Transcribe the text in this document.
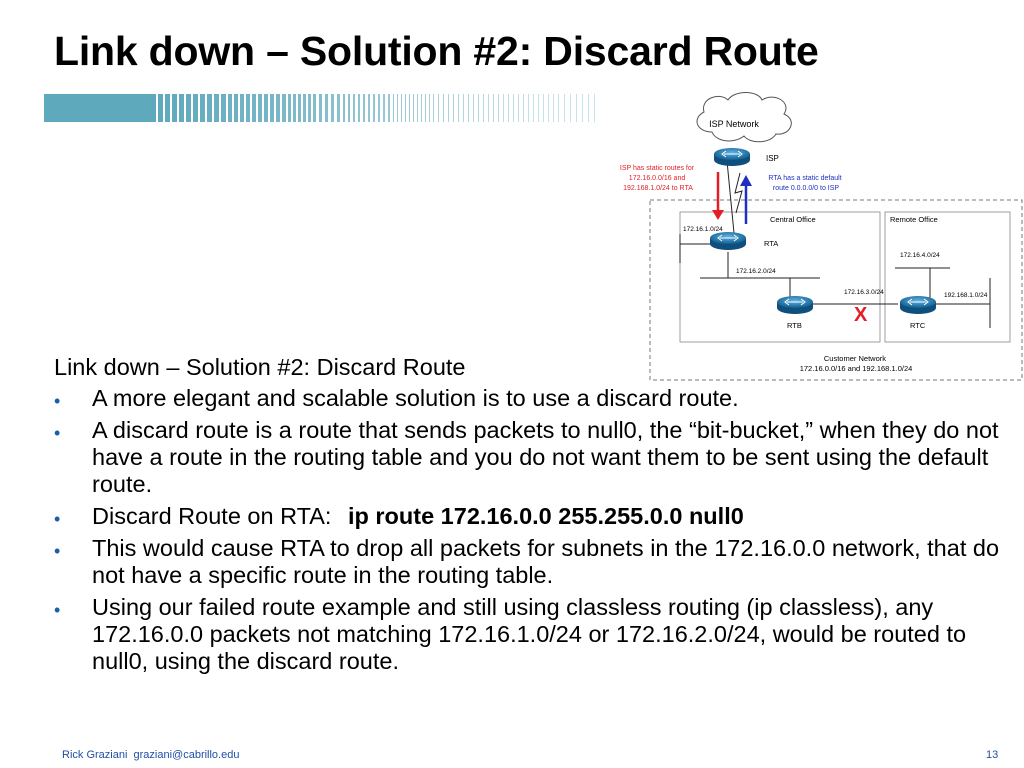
Link down – Solution #2: Discard Route
ISP Network
ISP
ISP has static routes for 172.16.0.0/16 and 192.168.1.0/24 to RTA
RTA has a static default route 0.0.0.0/0 to ISP
Central Office	Remote Office
172.16.1.0/24
RTA
172.16.2.0/24
172.16.4.0/24
172.16.3.0/24	192.168.1.0/24
X
RTB	RTC
Customer Network 172.16.0.0/16 and 192.168.1.0/24

Link down – Solution #2: Discard Route

• A more elegant and scalable solution is to use a discard route.
• A discard route is a route that sends packets to null0, the “bit-bucket,” when they do not have a route in the routing table and you do not want them to be sent using the default route.
• Discard Route on RTA: ip route 172.16.0.0 255.255.0.0 null0
• This would cause RTA to drop all packets for subnets in the 172.16.0.0 network, that do not have a specific route in the routing table.
• Using our failed route example and still using classless routing (ip classless), any 172.16.0.0 packets not matching 172.16.1.0/24 or 172.16.2.0/24, would be routed to null0, using the discard route.
Rick Graziani  graziani@cabrillo.edu	13
